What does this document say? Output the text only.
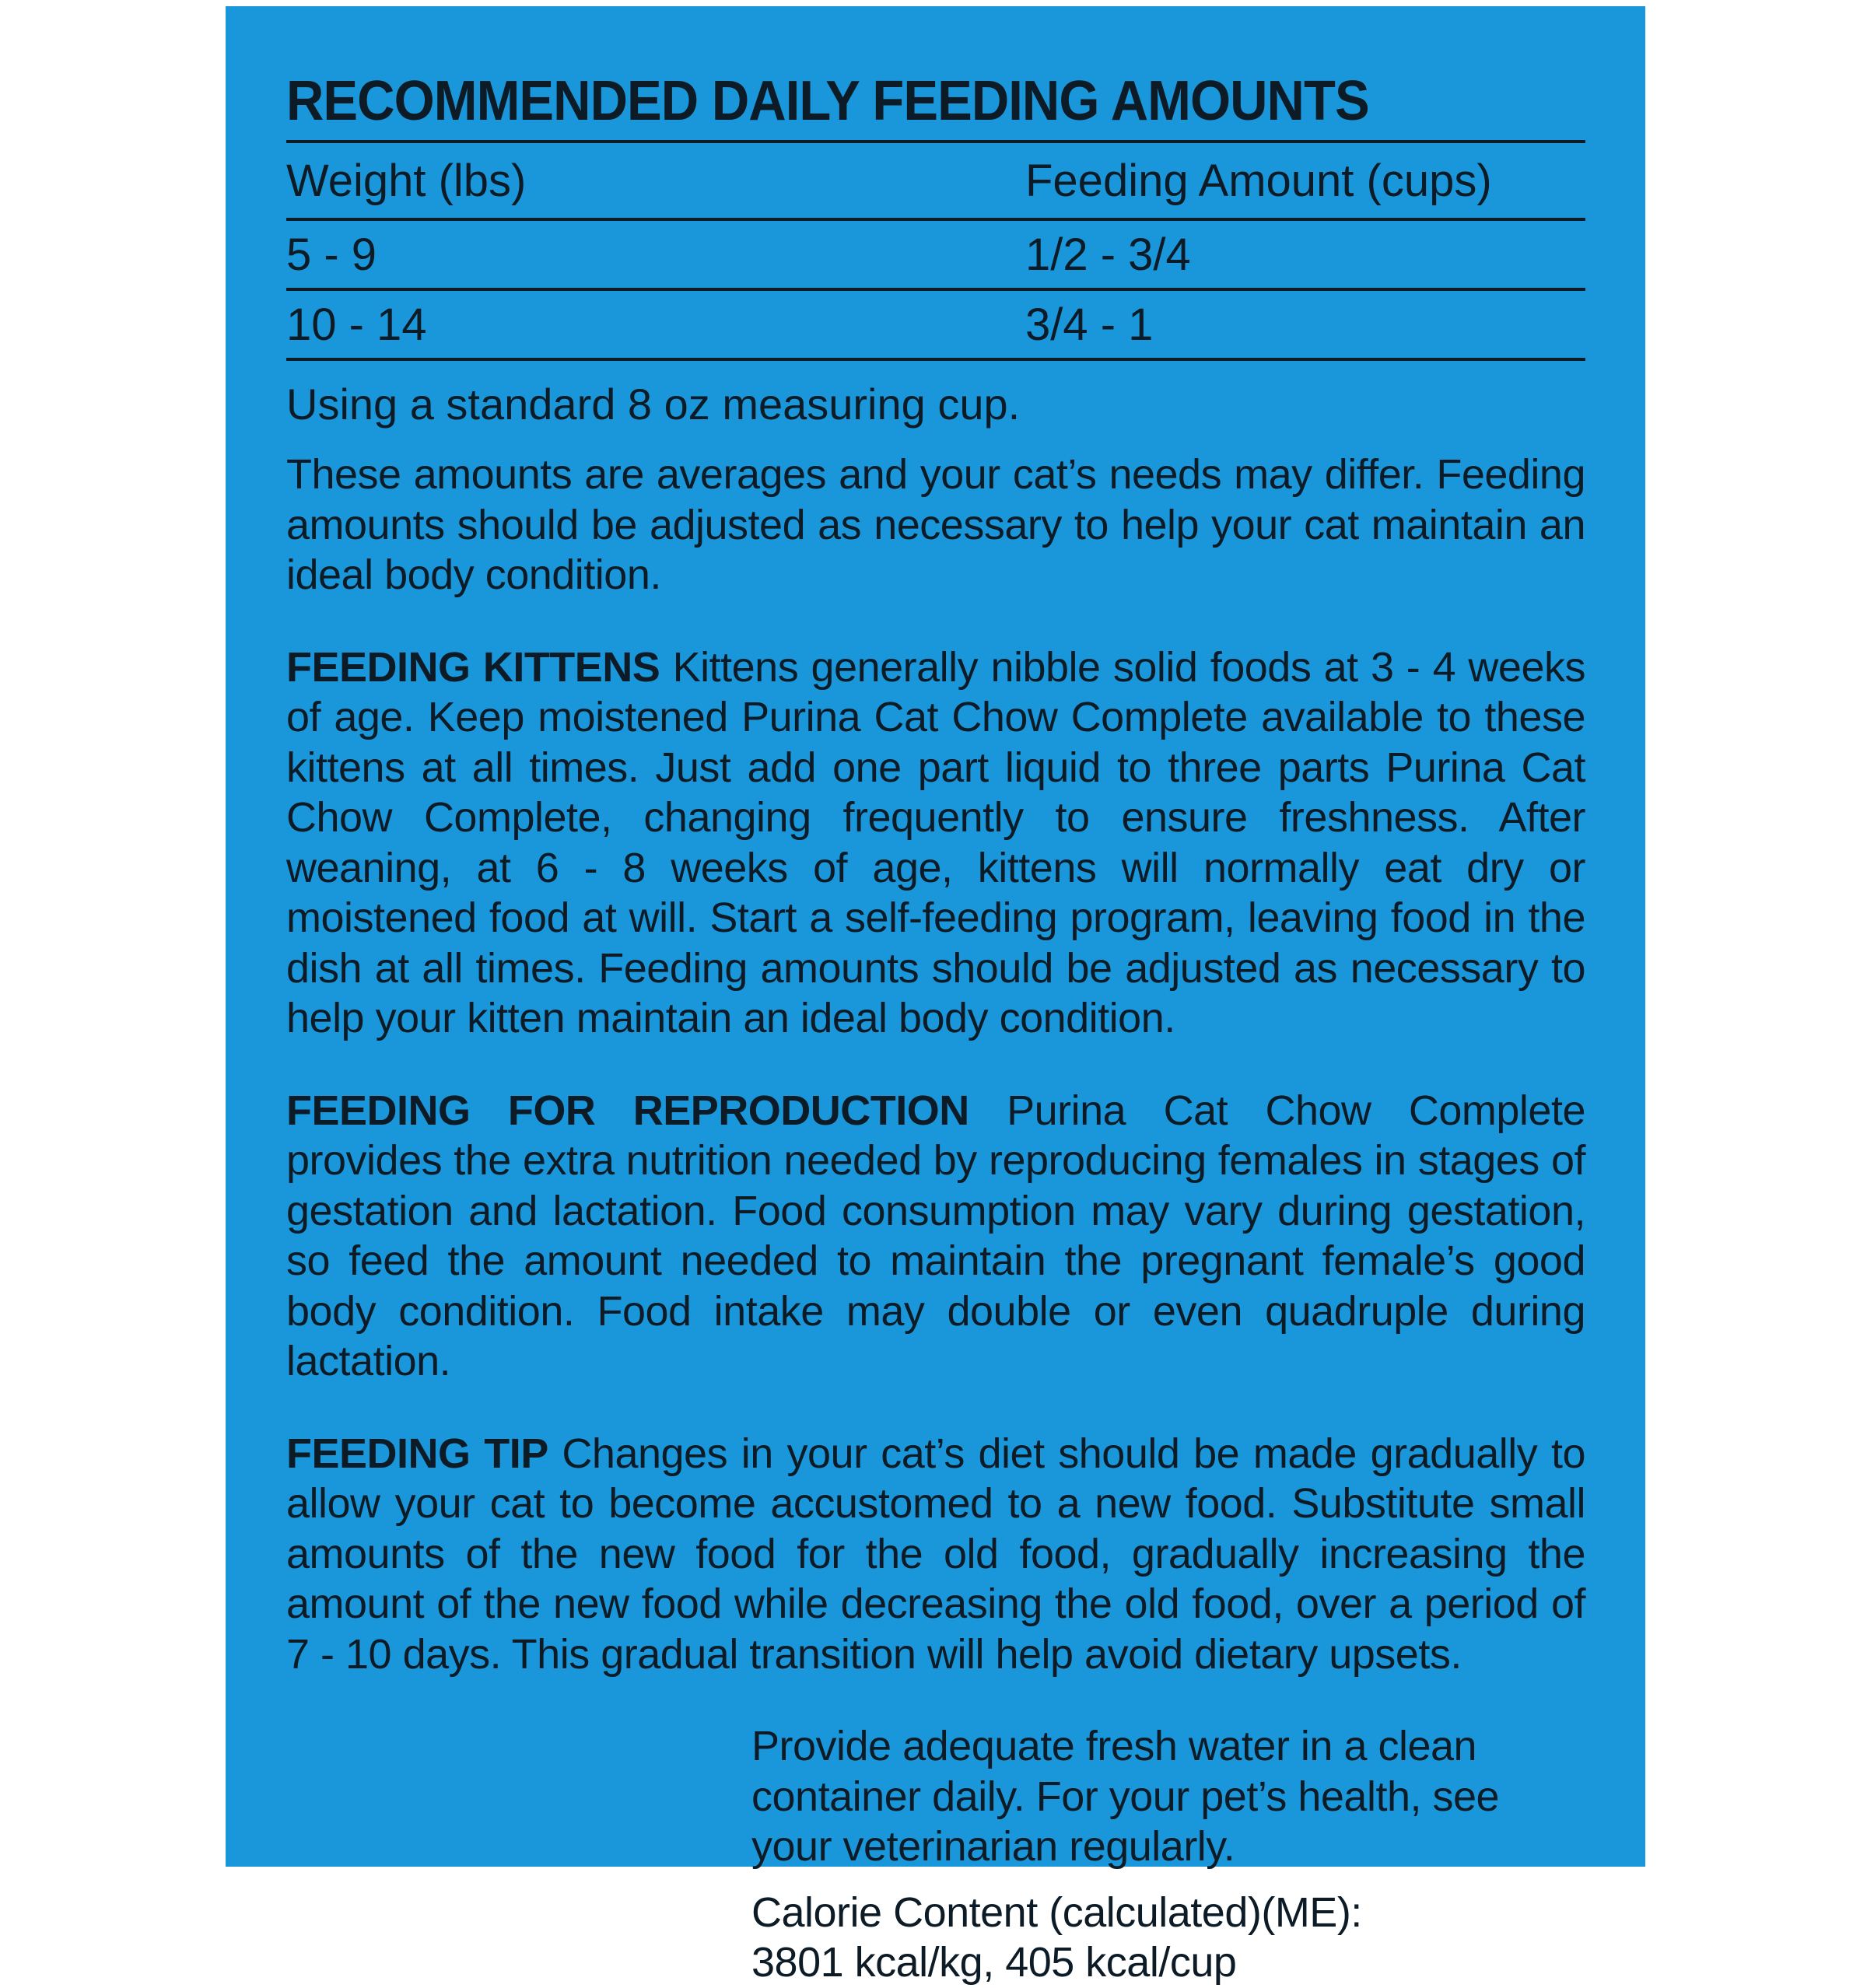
RECOMMENDED DAILY FEEDING AMOUNTS
Weight (lbs)	Feeding Amount (cups)
5 - 9	1/2 - 3/4
10 - 14	3/4 - 1
Using a standard 8 oz measuring cup.

These amounts are averages and your cat’s needs may differ. Feeding amounts should be adjusted as necessary to help your cat maintain an ideal body condition.

FEEDING KITTENS Kittens generally nibble solid foods at 3 - 4 weeks of age. Keep moistened Purina Cat Chow Complete available to these kittens at all times. Just add one part liquid to three parts Purina Cat Chow Complete, changing frequently to ensure freshness. After weaning, at 6 - 8 weeks of age, kittens will normally eat dry or moistened food at will. Start a self-feeding program, leaving food in the dish at all times. Feeding amounts should be adjusted as necessary to help your kitten maintain an ideal body condition.

FEEDING FOR REPRODUCTION Purina Cat Chow Complete provides the extra nutrition needed by reproducing females in stages of gestation and lactation. Food consumption may vary during gestation, so feed the amount needed to maintain the pregnant female’s good body condition. Food intake may double or even quadruple during lactation.

FEEDING TIP Changes in your cat’s diet should be made gradually to allow your cat to become accustomed to a new food. Substitute small amounts of the new food for the old food, gradually increasing the amount of the new food while decreasing the old food, over a period of 7 - 10 days. This gradual transition will help avoid dietary upsets.

Provide adequate fresh water in a clean container daily. For your pet’s health, see your veterinarian regularly.

Calorie Content (calculated)(ME):
3801 kcal/kg, 405 kcal/cup
